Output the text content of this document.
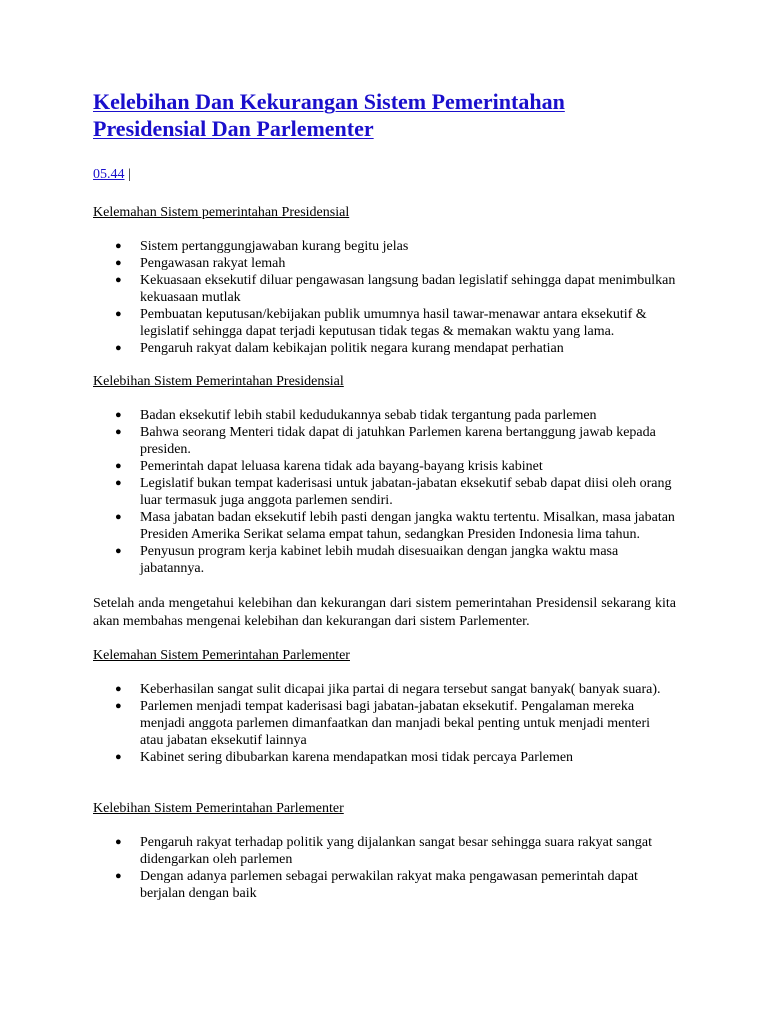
Kelebihan Dan Kekurangan Sistem Pemerintahan Presidensial Dan Parlementer
05.44 |

Kelemahan Sistem pemerintahan Presidensial

● Sistem pertanggungjawaban kurang begitu jelas
● Pengawasan rakyat lemah
● Kekuasaan eksekutif diluar pengawasan langsung badan legislatif sehingga dapat menimbulkan kekuasaan mutlak
● Pembuatan keputusan/kebijakan publik umumnya hasil tawar-menawar antara eksekutif & legislatif sehingga dapat terjadi keputusan tidak tegas & memakan waktu yang lama.
● Pengaruh rakyat dalam kebikajan politik negara kurang mendapat perhatian

Kelebihan Sistem Pemerintahan Presidensial

● Badan eksekutif lebih stabil kedudukannya sebab tidak tergantung pada parlemen
● Bahwa seorang Menteri tidak dapat di jatuhkan Parlemen karena bertanggung jawab kepada presiden.
● Pemerintah dapat leluasa karena tidak ada bayang-bayang krisis kabinet
● Legislatif bukan tempat kaderisasi untuk jabatan-jabatan eksekutif sebab dapat diisi oleh orang luar termasuk juga anggota parlemen sendiri.
● Masa jabatan badan eksekutif lebih pasti dengan jangka waktu tertentu. Misalkan, masa jabatan Presiden Amerika Serikat selama empat tahun, sedangkan Presiden Indonesia lima tahun.
● Penyusun program kerja kabinet lebih mudah disesuaikan dengan jangka waktu masa jabatannya.

Setelah anda mengetahui kelebihan dan kekurangan dari sistem pemerintahan Presidensil sekarang kita akan membahas mengenai kelebihan dan kekurangan dari sistem Parlementer.

Kelemahan Sistem Pemerintahan Parlementer

● Keberhasilan sangat sulit dicapai jika partai di negara tersebut sangat banyak( banyak suara).
● Parlemen menjadi tempat kaderisasi bagi jabatan-jabatan eksekutif. Pengalaman mereka menjadi anggota parlemen dimanfaatkan dan manjadi bekal penting untuk menjadi menteri atau jabatan eksekutif lainnya
● Kabinet sering dibubarkan karena mendapatkan mosi tidak percaya Parlemen

Kelebihan Sistem Pemerintahan Parlementer

● Pengaruh rakyat terhadap politik yang dijalankan sangat besar sehingga suara rakyat sangat didengarkan oleh parlemen
● Dengan adanya parlemen sebagai perwakilan rakyat maka pengawasan pemerintah dapat berjalan dengan baik
